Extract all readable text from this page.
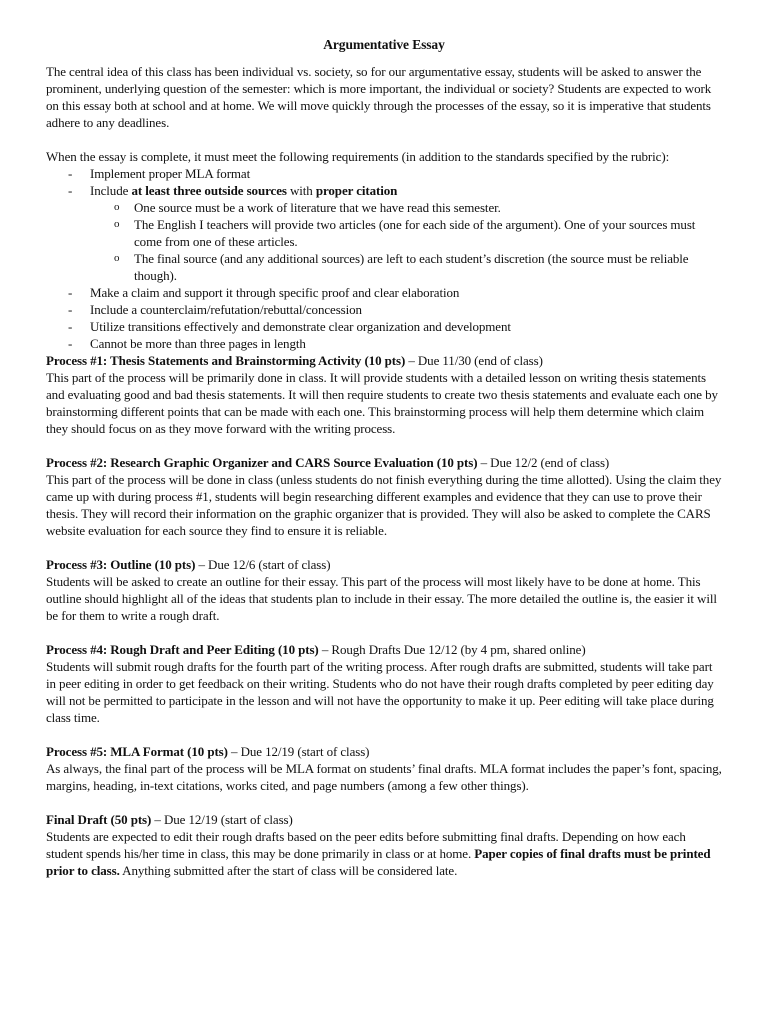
Argumentative Essay

The central idea of this class has been individual vs. society, so for our argumentative essay, students will be asked to answer the prominent, underlying question of the semester: which is more important, the individual or society? Students are expected to work on this essay both at school and at home. We will move quickly through the processes of the essay, so it is imperative that students adhere to any deadlines.

When the essay is complete, it must meet the following requirements (in addition to the standards specified by the rubric):

- Implement proper MLA format
- Include at least three outside sources with proper citation
o One source must be a work of literature that we have read this semester.
o The English I teachers will provide two articles (one for each side of the argument). One of your sources must come from one of these articles.
o The final source (and any additional sources) are left to each student’s discretion (the source must be reliable though).
- Make a claim and support it through specific proof and clear elaboration
- Include a counterclaim/refutation/rebuttal/concession
- Utilize transitions effectively and demonstrate clear organization and development
- Cannot be more than three pages in length

Process #1: Thesis Statements and Brainstorming Activity (10 pts) – Due 11/30 (end of class)

This part of the process will be primarily done in class. It will provide students with a detailed lesson on writing thesis statements and evaluating good and bad thesis statements. It will then require students to create two thesis statements and evaluate each one by brainstorming different points that can be made with each one. This brainstorming process will help them determine which claim they should focus on as they move forward with the writing process.

Process #2: Research Graphic Organizer and CARS Source Evaluation (10 pts) – Due 12/2 (end of class)

This part of the process will be done in class (unless students do not finish everything during the time allotted). Using the claim they came up with during process #1, students will begin researching different examples and evidence that they can use to prove their thesis. They will record their information on the graphic organizer that is provided. They will also be asked to complete the CARS website evaluation for each source they find to ensure it is reliable.

Process #3: Outline (10 pts) – Due 12/6 (start of class)

Students will be asked to create an outline for their essay. This part of the process will most likely have to be done at home. This outline should highlight all of the ideas that students plan to include in their essay. The more detailed the outline is, the easier it will be for them to write a rough draft.

Process #4: Rough Draft and Peer Editing (10 pts) – Rough Drafts Due 12/12 (by 4 pm, shared online)

Students will submit rough drafts for the fourth part of the writing process. After rough drafts are submitted, students will take part in peer editing in order to get feedback on their writing. Students who do not have their rough drafts completed by peer editing day will not be permitted to participate in the lesson and will not have the opportunity to make it up. Peer editing will take place during class time.

Process #5: MLA Format (10 pts) – Due 12/19 (start of class)

As always, the final part of the process will be MLA format on students’ final drafts. MLA format includes the paper’s font, spacing, margins, heading, in-text citations, works cited, and page numbers (among a few other things).

Final Draft (50 pts) – Due 12/19 (start of class)

Students are expected to edit their rough drafts based on the peer edits before submitting final drafts. Depending on how each student spends his/her time in class, this may be done primarily in class or at home. Paper copies of final drafts must be printed prior to class. Anything submitted after the start of class will be considered late.
